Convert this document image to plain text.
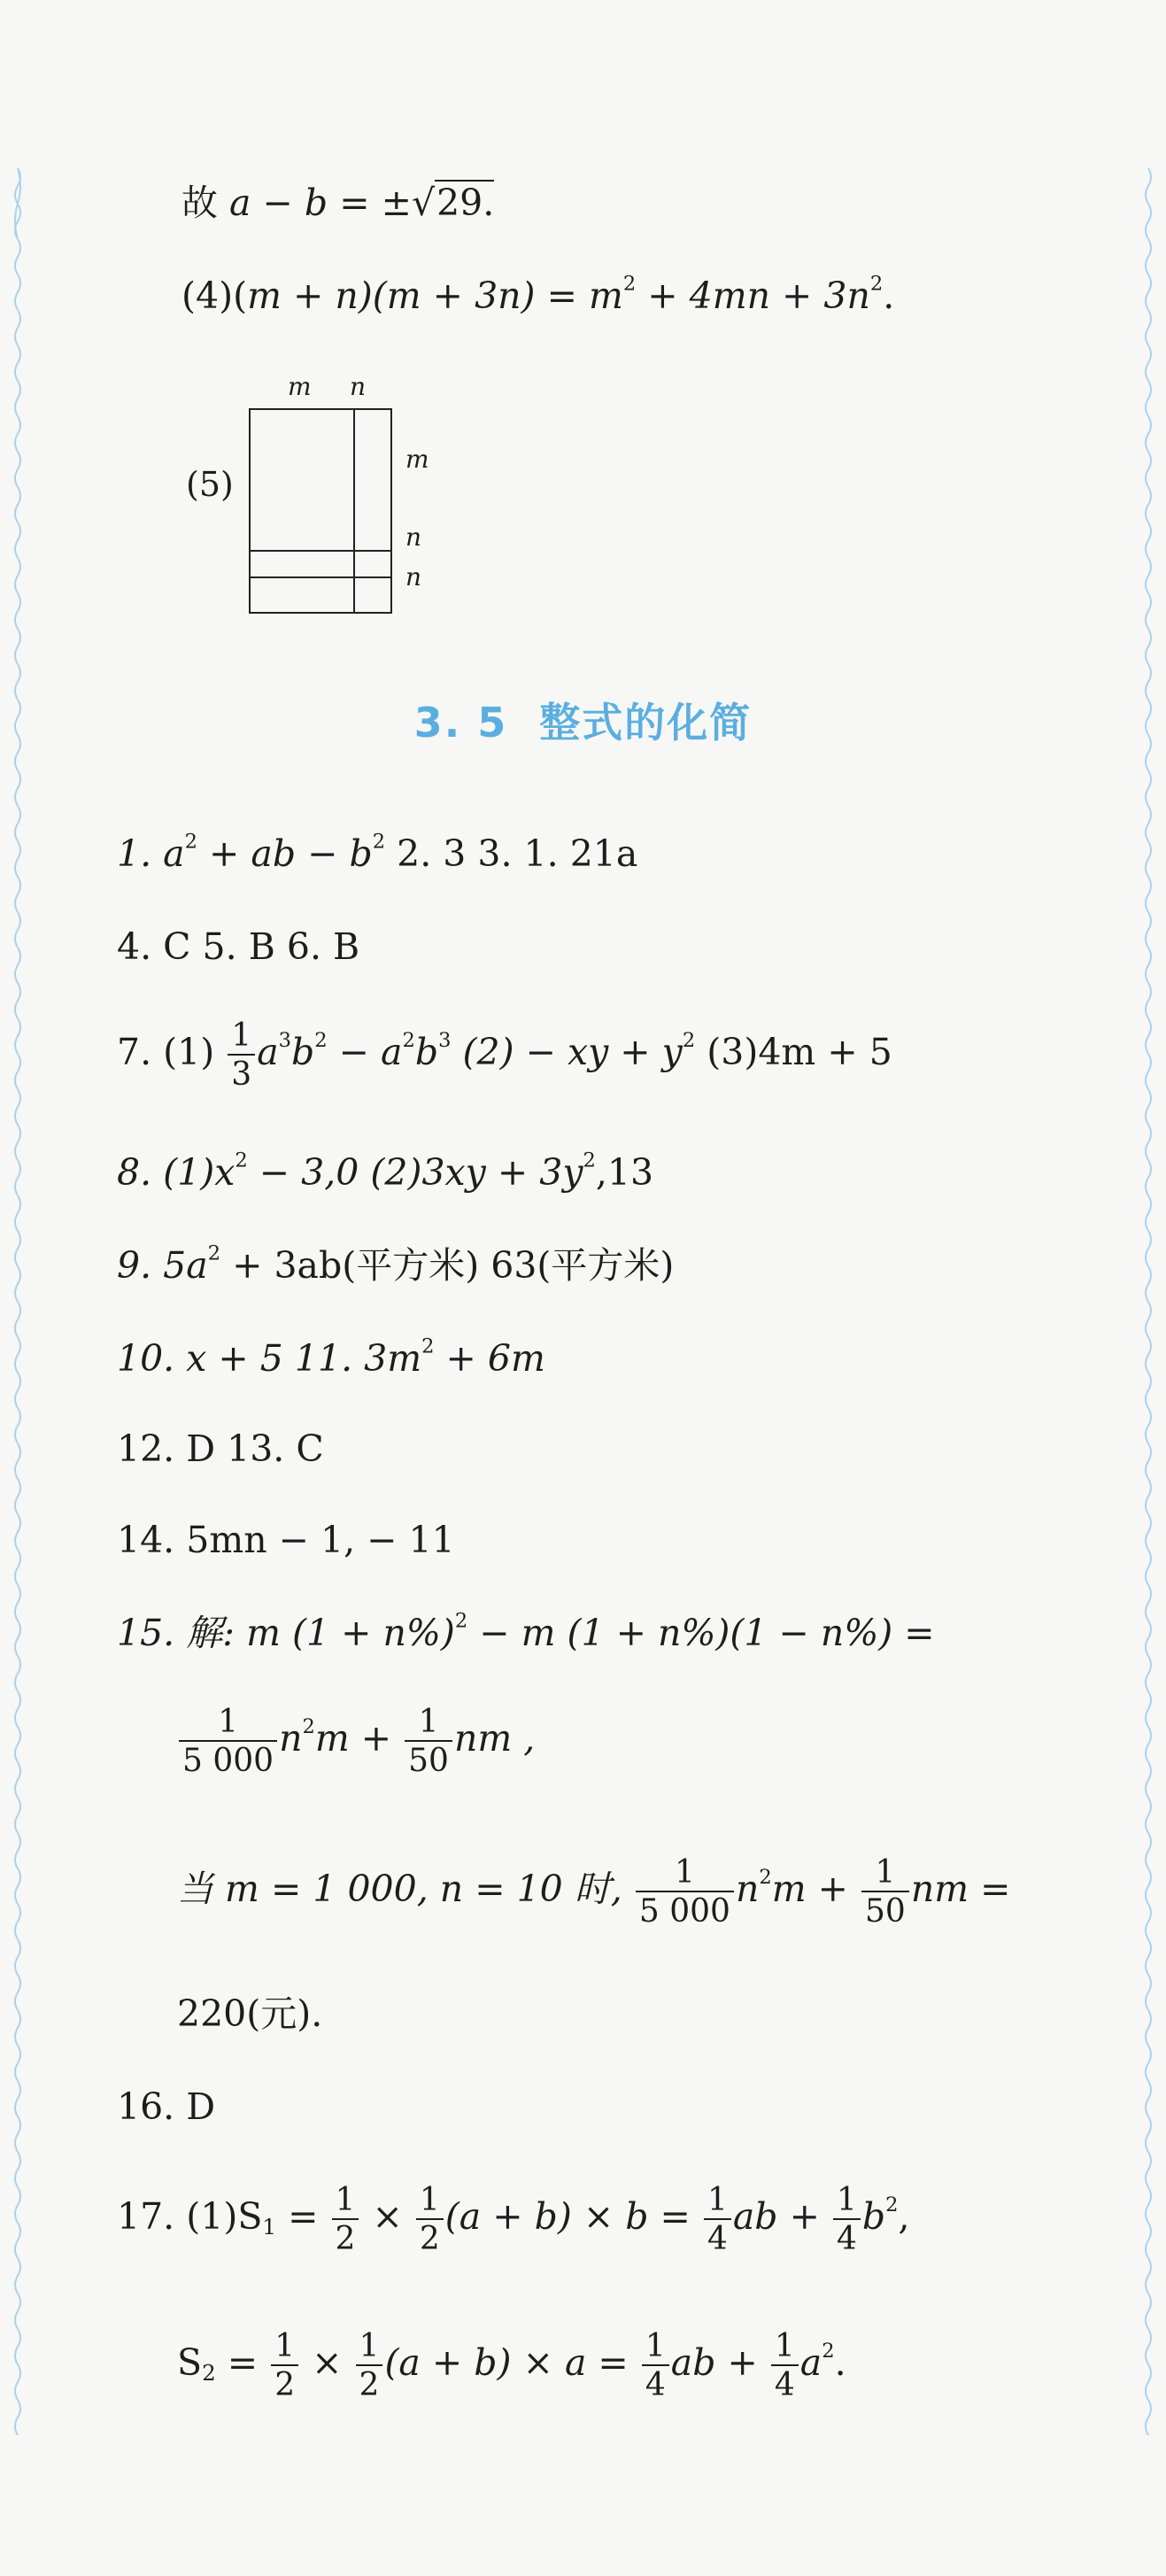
故 a − b = ±√29.
$(4)(m + n)(m + 3n) = m^2 + 4mn + 3n^2$.
m n
(5)
m
n
n
3. 5 整式的化简
1. $a^2$ + ab − $b^2$ 2. 3 3. 1. 21a
4. C 5. B 6. B
7. $(1) \frac{1}{3} a^3b^2 - a^2b^3$ (2) − xy + $y^2$ (3)4m + 5
8. $(1)x^2 - 3,0$ $(2)3xy + 3y^2,13$
9. $5a^2 + 3ab$(平方米) 63(平方米)
10. x + 5 11. $3m^2 + 6m$
12. D 13. C
14. 5mn − 1, − 11
15. 解: m $(1 + n\%)^2 - m$ (1 + n%)(1 − n%) =
$\frac{1}{5 000} n^2m + \frac{1}{50}$ nm ,
当 m = 1 000, n = 10 时, $\frac{1}{5 000} n^2m + \frac{1}{50}$ nm =
220(元).
16. D
17. $(1)S_1 = \frac{1}{2} \times \frac{1}{2} (a + b) \times b = \frac{1}{4}$ ab + $\frac{1}{4} b^2$,
$S_2 = \frac{1}{2} \times \frac{1}{2} (a + b) \times a = \frac{1}{4}$ ab + $\frac{1}{4} a^2$.
